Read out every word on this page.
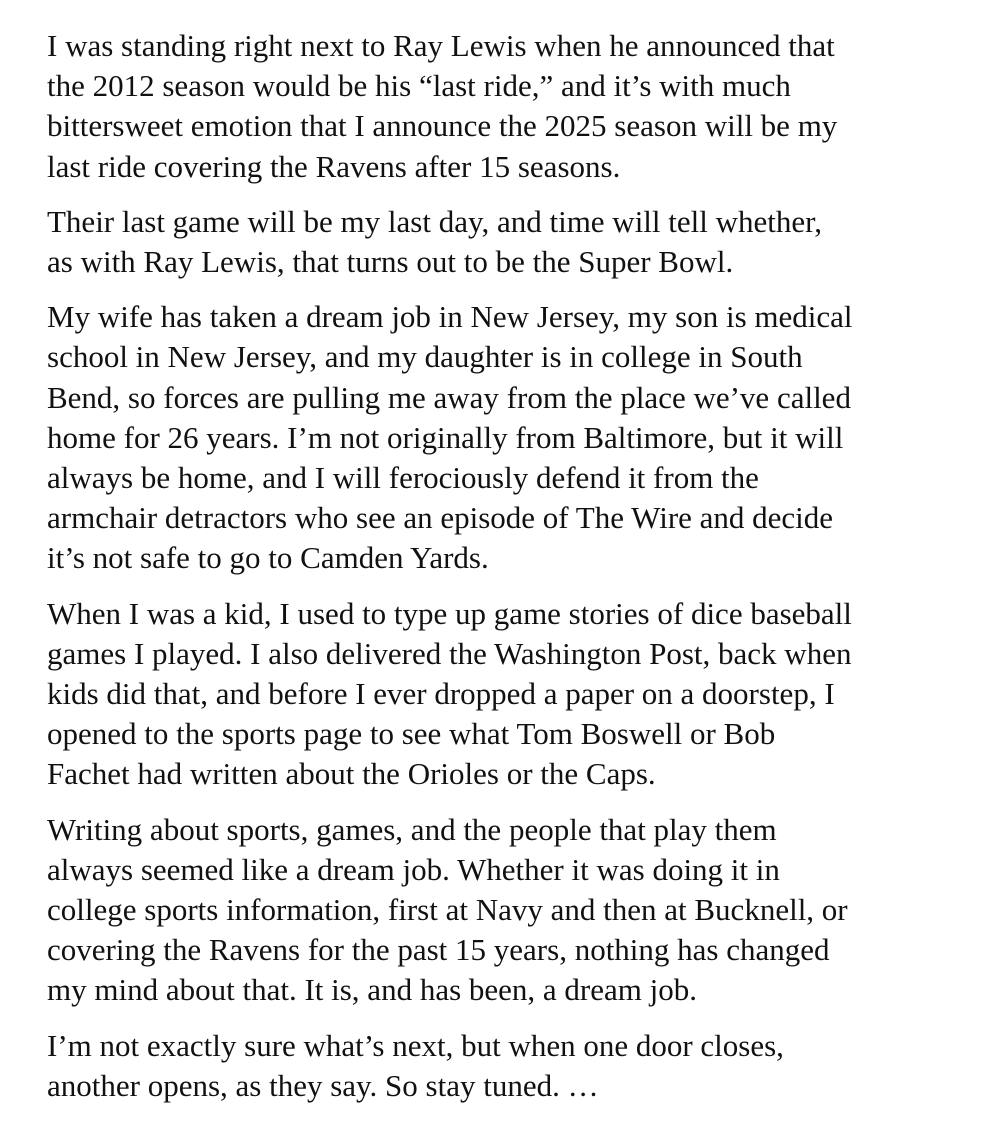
I was standing right next to Ray Lewis when he announced that
the 2012 season would be his “last ride,” and it’s with much
bittersweet emotion that I announce the 2025 season will be my
last ride covering the Ravens after 15 seasons.

Their last game will be my last day, and time will tell whether,
as with Ray Lewis, that turns out to be the Super Bowl.

My wife has taken a dream job in New Jersey, my son is medical
school in New Jersey, and my daughter is in college in South
Bend, so forces are pulling me away from the place we’ve called
home for 26 years. I’m not originally from Baltimore, but it will
always be home, and I will ferociously defend it from the
armchair detractors who see an episode of The Wire and decide
it’s not safe to go to Camden Yards.

When I was a kid, I used to type up game stories of dice baseball
games I played. I also delivered the Washington Post, back when
kids did that, and before I ever dropped a paper on a doorstep, I
opened to the sports page to see what Tom Boswell or Bob
Fachet had written about the Orioles or the Caps.

Writing about sports, games, and the people that play them
always seemed like a dream job. Whether it was doing it in
college sports information, first at Navy and then at Bucknell, or
covering the Ravens for the past 15 years, nothing has changed
my mind about that. It is, and has been, a dream job.

I’m not exactly sure what’s next, but when one door closes,
another opens, as they say. So stay tuned. …
